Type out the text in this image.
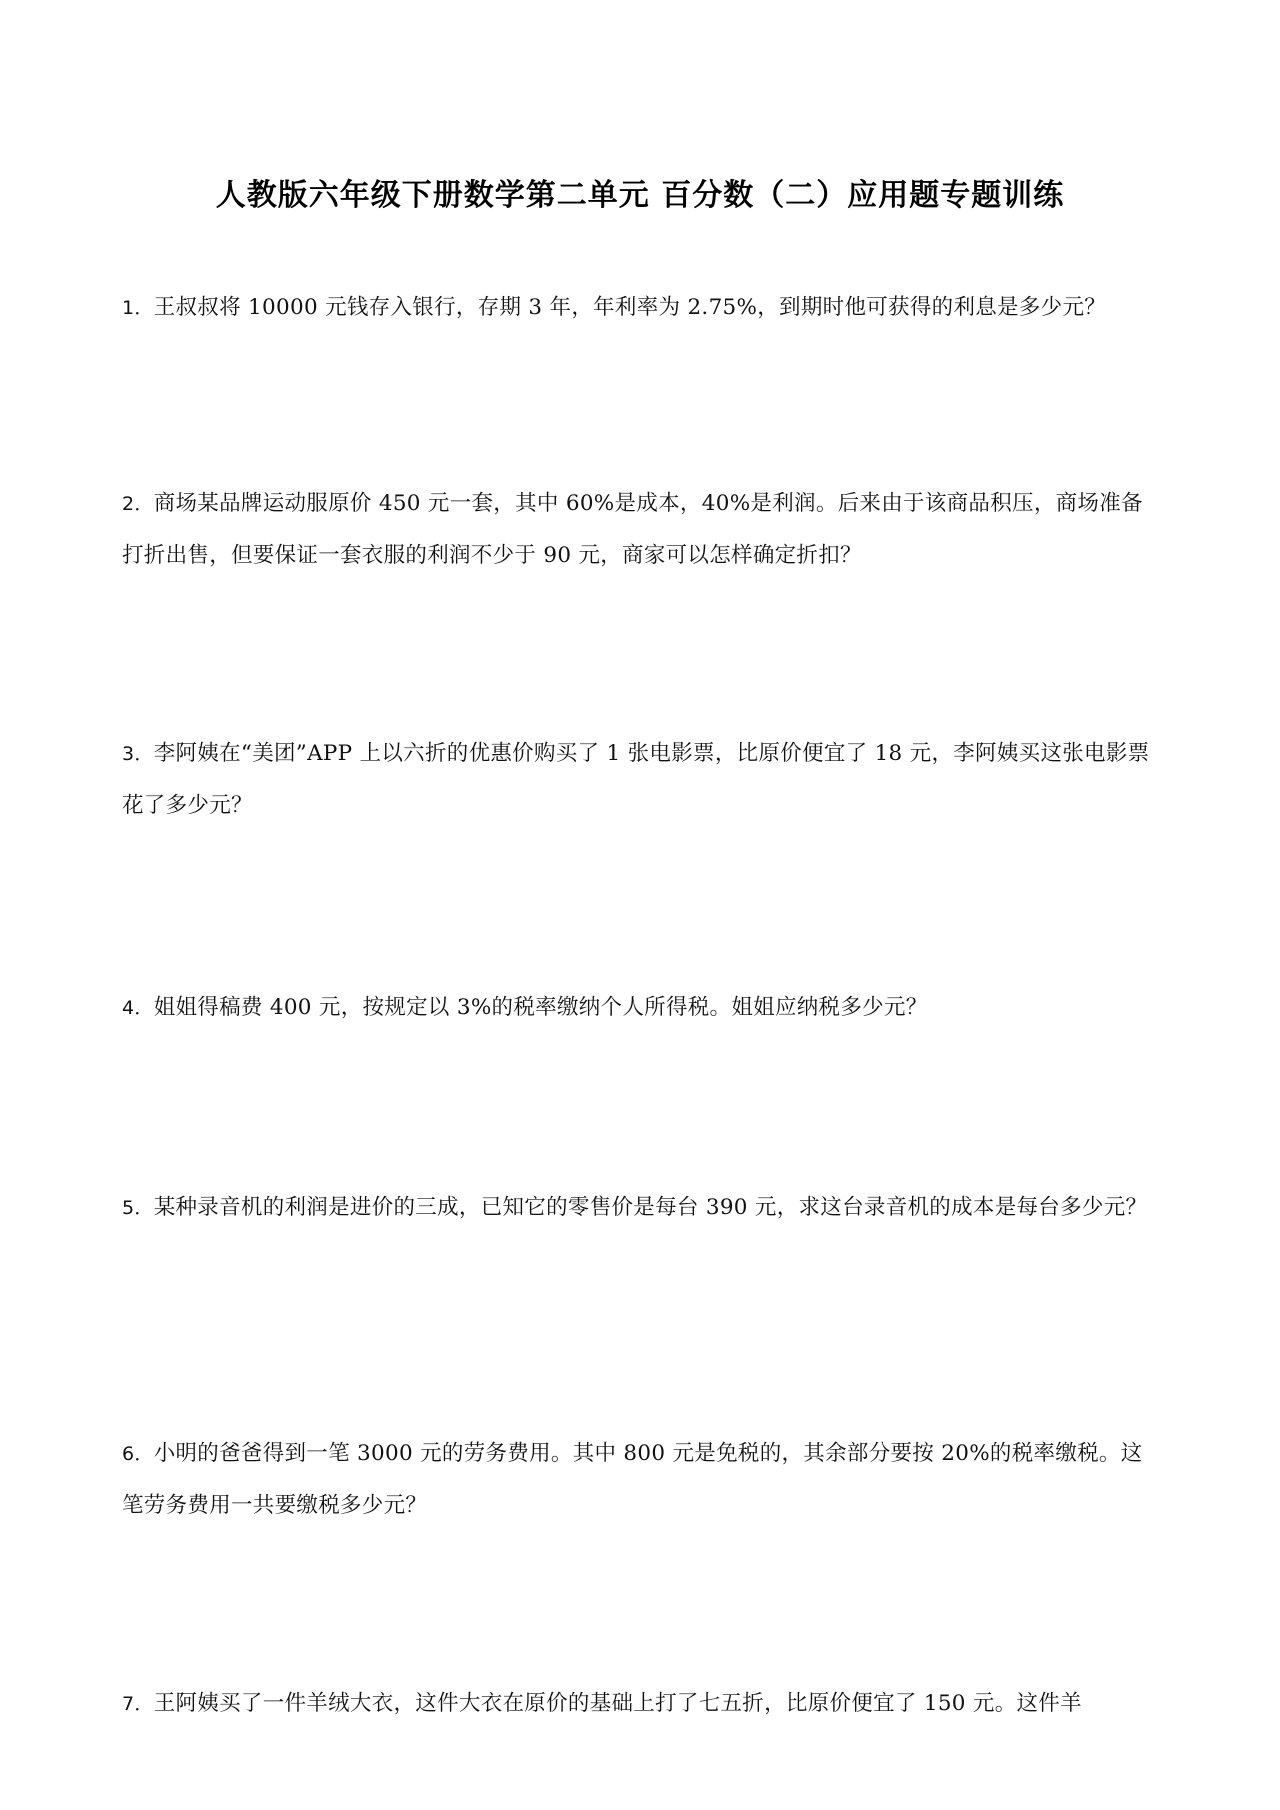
人教版六年级下册数学第二单元 百分数（二）应用题专题训练
1．王叔叔将 10000 元钱存入银行，存期 3 年，年利率为 2.75%，到期时他可获得的利息是多少元？
2．商场某品牌运动服原价 450 元一套，其中 60%是成本，40%是利润。后来由于该商品积压，商场准备打折出售，但要保证一套衣服的利润不少于 90 元，商家可以怎样确定折扣？
3．李阿姨在“美团”APP 上以六折的优惠价购买了 1 张电影票，比原价便宜了 18 元，李阿姨买这张电影票花了多少元？
4．姐姐得稿费 400 元，按规定以 3%的税率缴纳个人所得税。姐姐应纳税多少元？
5．某种录音机的利润是进价的三成，已知它的零售价是每台 390 元，求这台录音机的成本是每台多少元？
6．小明的爸爸得到一笔 3000 元的劳务费用。其中 800 元是免税的，其余部分要按 20%的税率缴税。这笔劳务费用一共要缴税多少元？
7．王阿姨买了一件羊绒大衣，这件大衣在原价的基础上打了七五折，比原价便宜了 150 元。这件羊
